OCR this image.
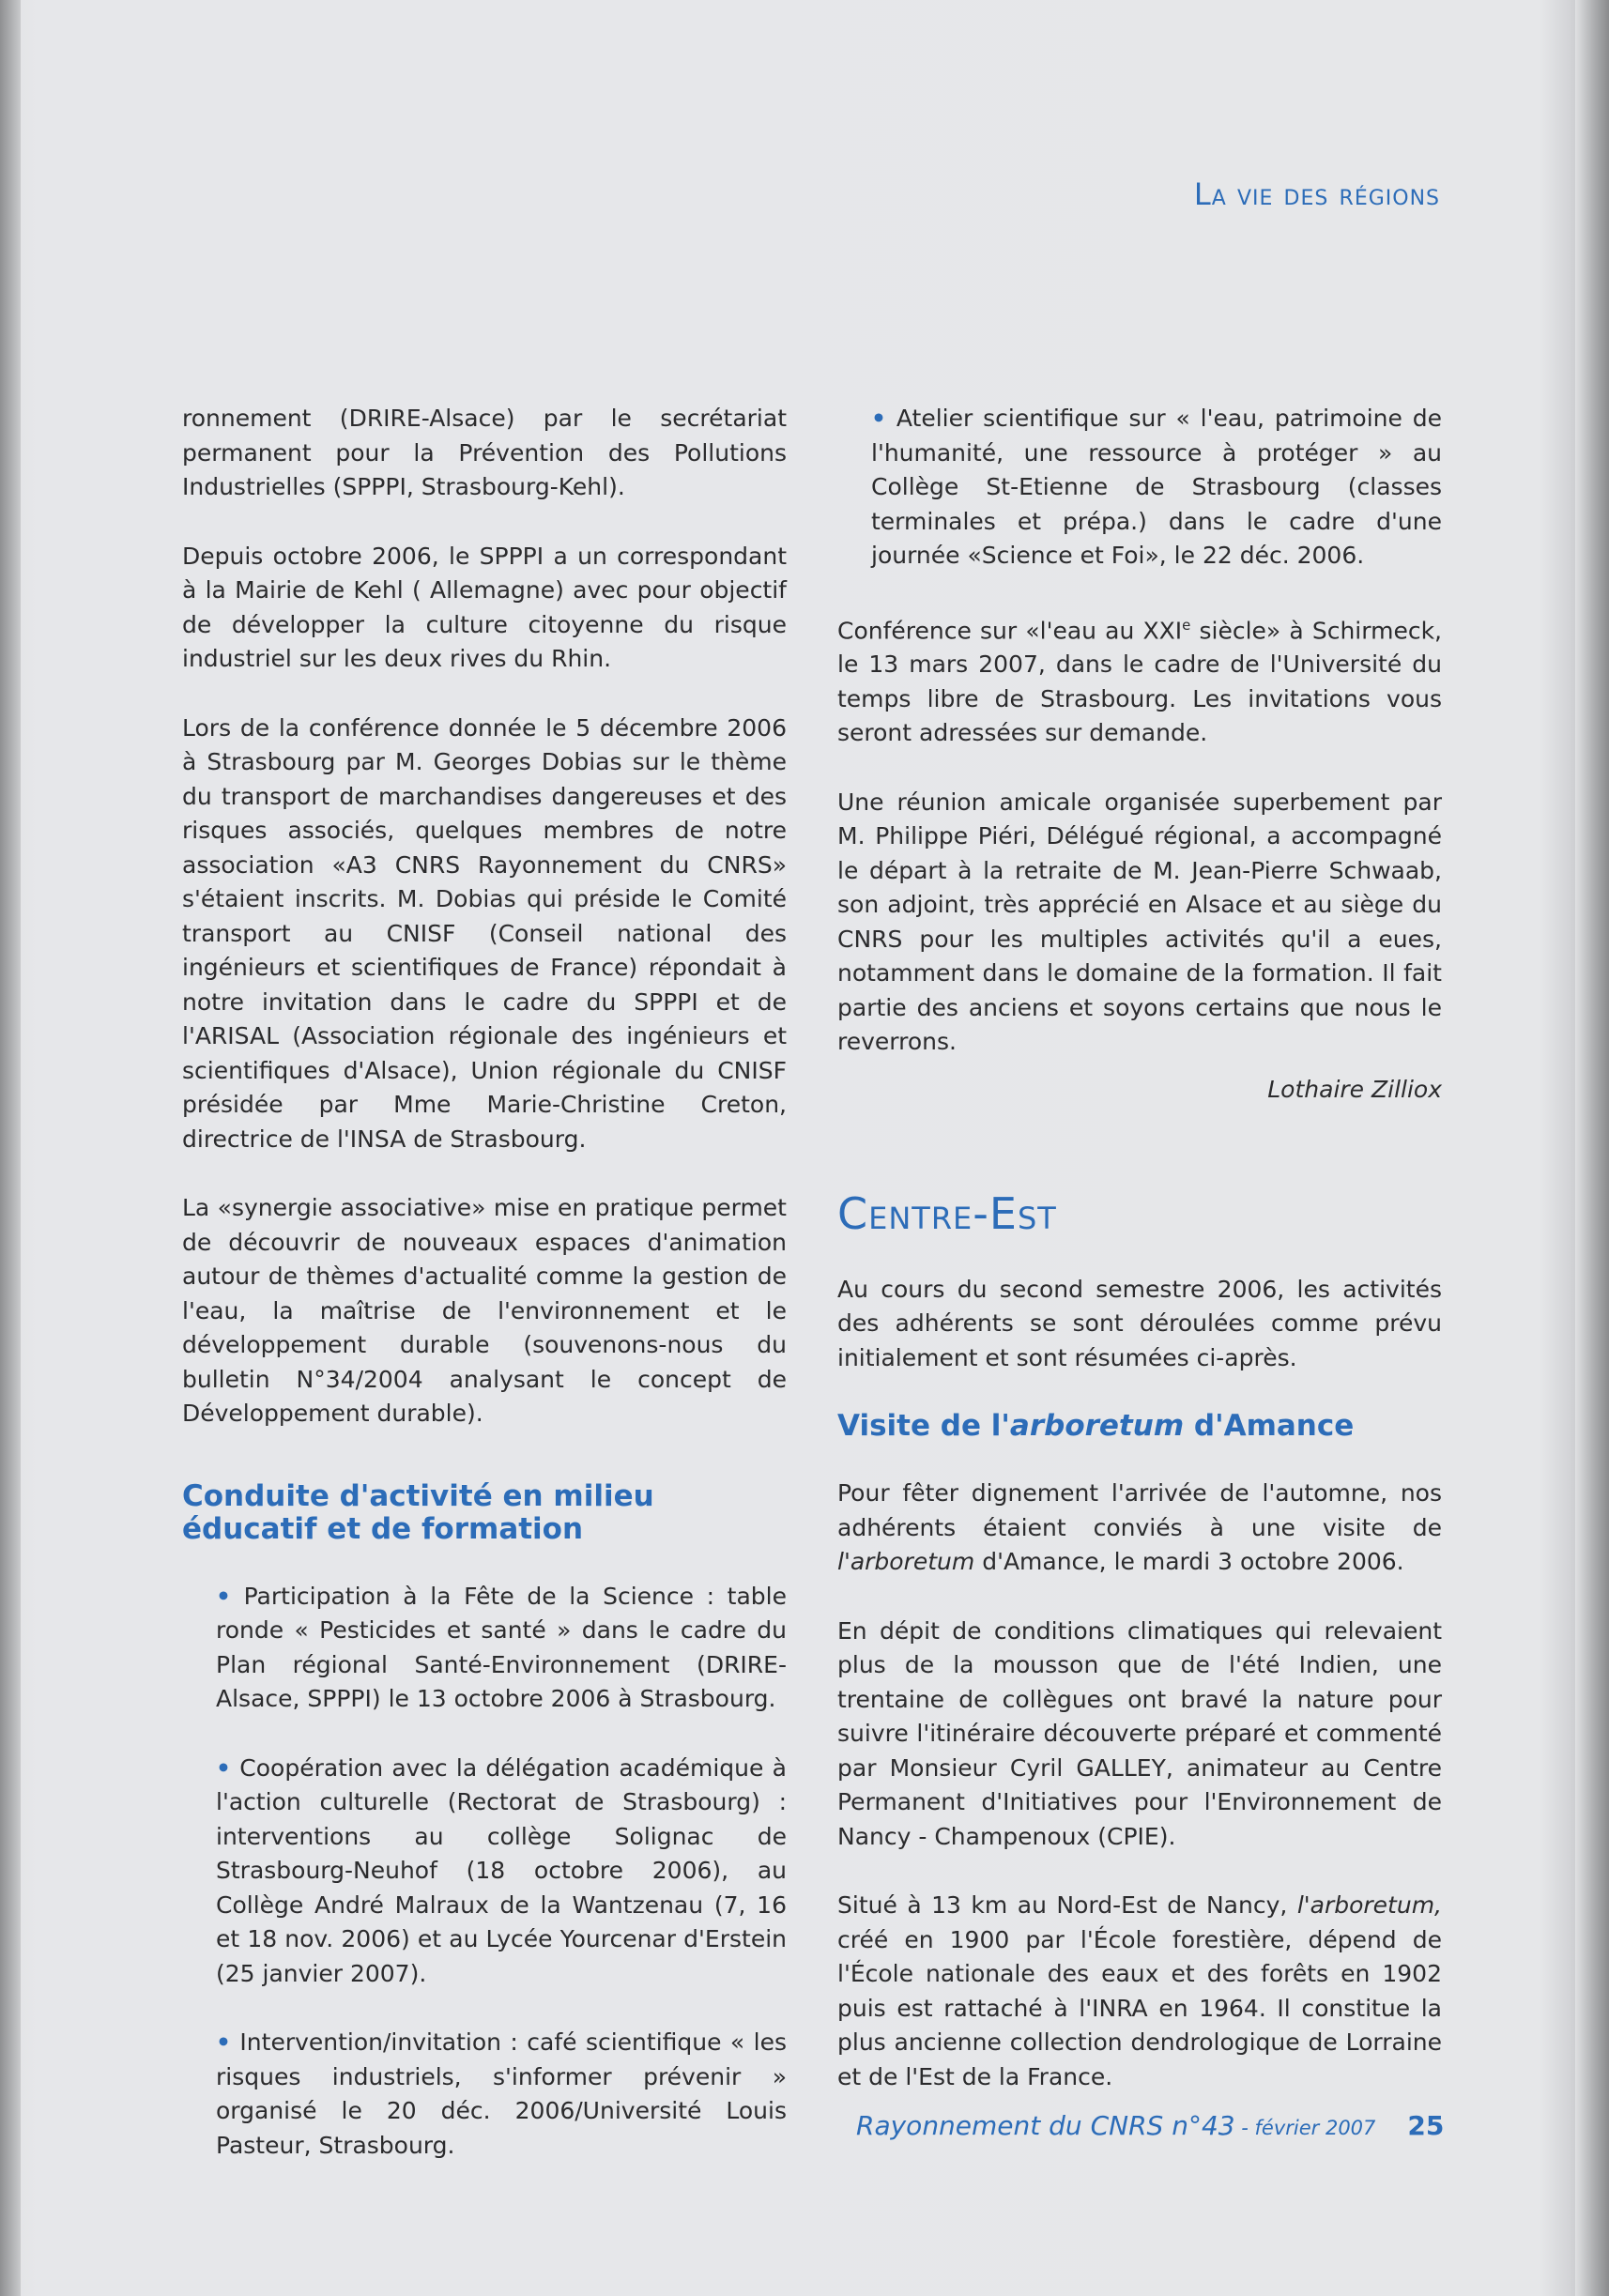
La vie des régions

ronnement (DRIRE-Alsace) par le secrétariat permanent pour la Prévention des Pollutions Industrielles (SPPPI, Strasbourg-Kehl).

Depuis octobre 2006, le SPPPI a un correspondant à la Mairie de Kehl ( Allemagne) avec pour objectif de développer la culture citoyenne du risque industriel sur les deux rives du Rhin.

Lors de la conférence donnée le 5 décembre 2006 à Strasbourg par M. Georges Dobias sur le thème du transport de marchandises dangereuses et des risques associés, quelques membres de notre association «A3 CNRS Rayonnement du CNRS» s'étaient inscrits. M. Dobias qui préside le Comité transport au CNISF (Conseil national des ingénieurs et scientifiques de France) répondait à notre invitation dans le cadre du SPPPI et de l'ARISAL (Association régionale des ingénieurs et scientifiques d'Alsace), Union régionale du CNISF présidée par Mme Marie-Christine Creton, directrice de l'INSA de Strasbourg.

La «synergie associative» mise en pratique permet de découvrir de nouveaux espaces d'animation autour de thèmes d'actualité comme la gestion de l'eau, la maîtrise de l'environnement et le développement durable (souvenons-nous du bulletin N°34/2004 analysant le concept de Développement durable).

Conduite d'activité en milieu éducatif et de formation

• Participation à la Fête de la Science : table ronde « Pesticides et santé » dans le cadre du Plan régional Santé-Environnement (DRIRE-Alsace, SPPPI) le 13 octobre 2006 à Strasbourg.

• Coopération avec la délégation académique à l'action culturelle (Rectorat de Strasbourg) : interventions au collège Solignac de Strasbourg-Neuhof (18 octobre 2006), au Collège André Malraux de la Wantzenau (7, 16 et 18 nov. 2006) et au Lycée Yourcenar d'Erstein (25 janvier 2007).

• Intervention/invitation : café scientifique « les risques industriels, s'informer prévenir » organisé le 20 déc. 2006/Université Louis Pasteur, Strasbourg.

• Atelier scientifique sur « l'eau, patrimoine de l'humanité, une ressource à protéger » au Collège St-Etienne de Strasbourg (classes terminales et prépa.) dans le cadre d'une journée «Science et Foi», le 22 déc. 2006.

Conférence sur «l'eau au XXIe siècle» à Schirmeck, le 13 mars 2007, dans le cadre de l'Université du temps libre de Strasbourg. Les invitations vous seront adressées sur demande.

Une réunion amicale organisée superbement par M. Philippe Piéri, Délégué régional, a accompagné le départ à la retraite de M. Jean-Pierre Schwaab, son adjoint, très apprécié en Alsace et au siège du CNRS pour les multiples activités qu'il a eues, notamment dans le domaine de la formation. Il fait partie des anciens et soyons certains que nous le reverrons.

Lothaire Zilliox

Centre-Est

Au cours du second semestre 2006, les activités des adhérents se sont déroulées comme prévu initialement et sont résumées ci-après.

Visite de l'arboretum d'Amance

Pour fêter dignement l'arrivée de l'automne, nos adhérents étaient conviés à une visite de l'arboretum d'Amance, le mardi 3 octobre 2006.

En dépit de conditions climatiques qui relevaient plus de la mousson que de l'été Indien, une trentaine de collègues ont bravé la nature pour suivre l'itinéraire découverte préparé et commenté par Monsieur Cyril GALLEY, animateur au Centre Permanent d'Initiatives pour l'Environnement de Nancy - Champenoux (CPIE).

Situé à 13 km au Nord-Est de Nancy, l'arboretum, créé en 1900 par l'École forestière, dépend de l'École nationale des eaux et des forêts en 1902 puis est rattaché à l'INRA en 1964. Il constitue la plus ancienne collection dendrologique de Lorraine et de l'Est de la France.

Rayonnement du CNRS n°43 - février 2007 25
